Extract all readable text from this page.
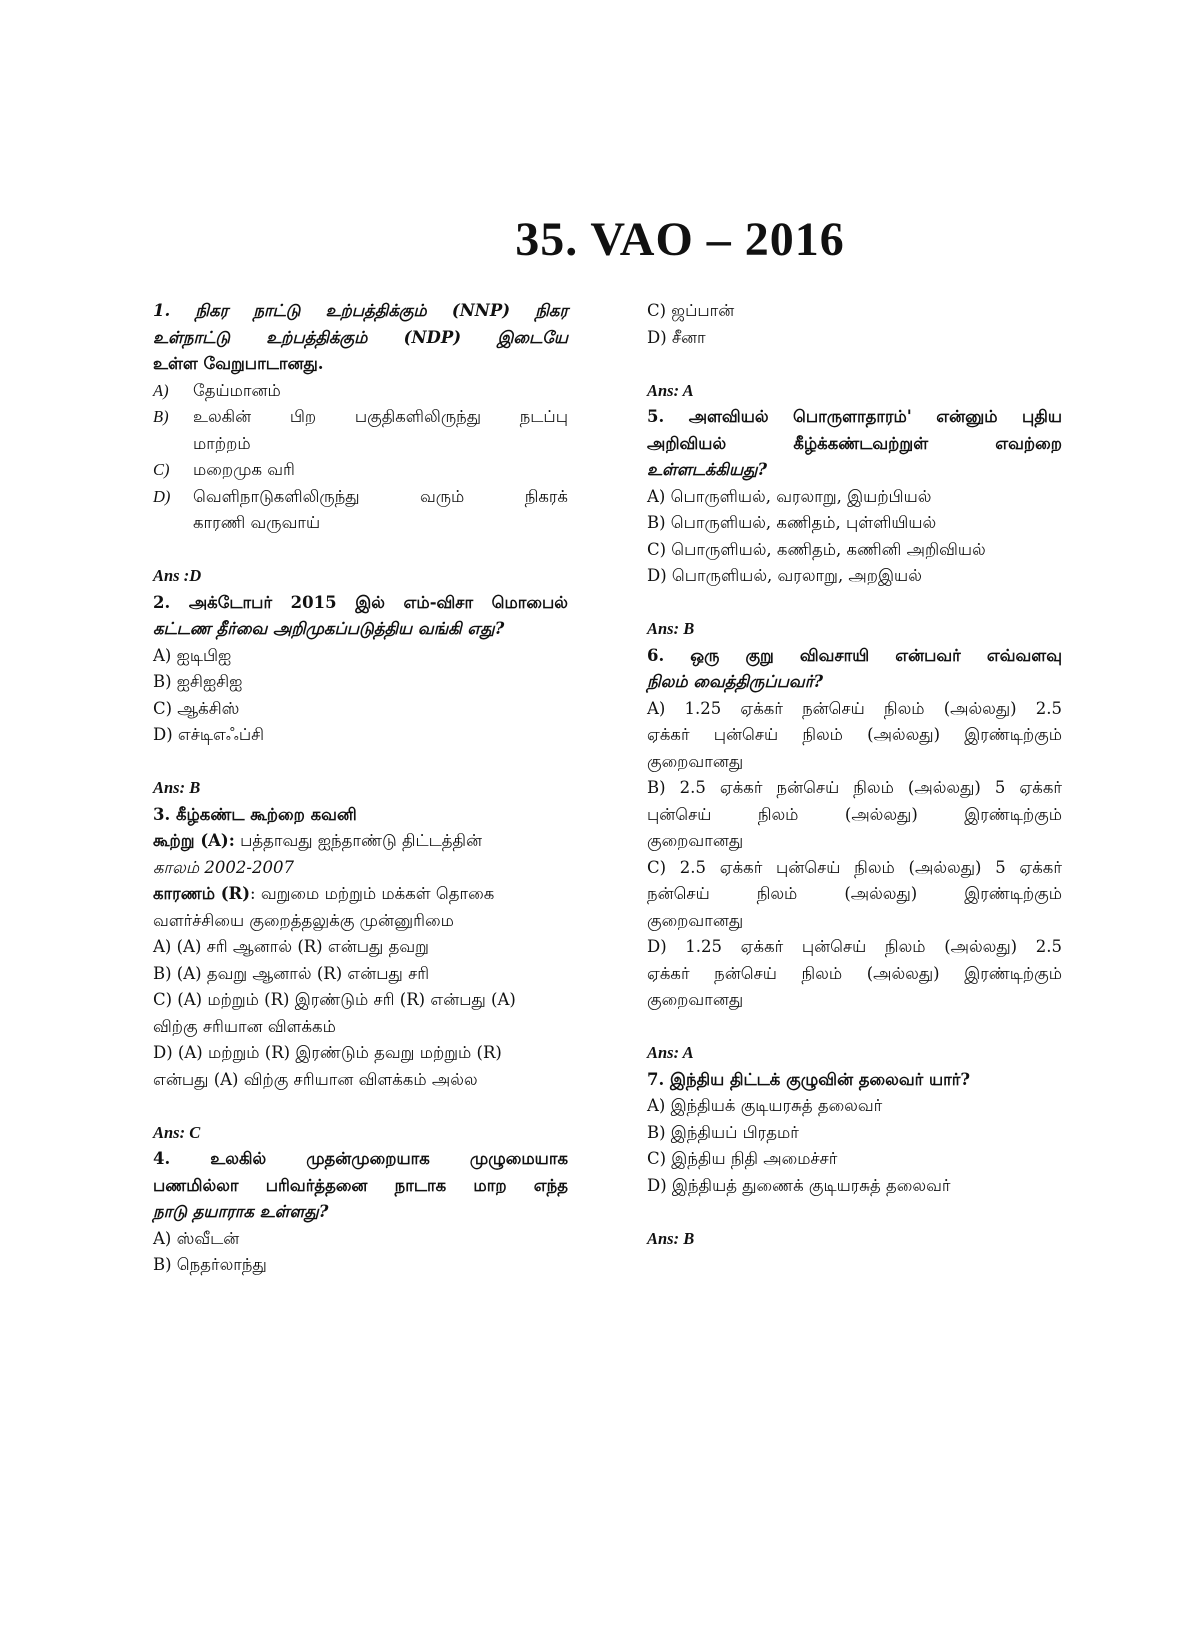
35. VAO – 2016
1. நிகர நாட்டு உற்பத்திக்கும் (NNP) நிகர
உள்நாட்டு உற்பத்திக்கும் (NDP) இடையே
உள்ள வேறுபாடானது.
A)	தேய்மானம்
B)	உலகின் பிற பகுதிகளிலிருந்து நடப்பு
மாற்றம்
C)	மறைமுக வரி
D)	வெளிநாடுகளிலிருந்து வரும் நிகரக்
காரணி வருவாய்
Ans :D
2. அக்டோபர் 2015 இல் எம்-விசா மொபைல்
கட்டண தீர்வை அறிமுகப்படுத்திய வங்கி எது?
A) ஐடிபிஐ
B) ஐசிஐசிஐ
C) ஆக்சிஸ்
D) எச்டிஎஃப்சி
Ans: B
3. கீழ்கண்ட கூற்றை கவனி
கூற்று (A): பத்தாவது ஐந்தாண்டு திட்டத்தின்
காலம் 2002-2007
காரணம் (R): வறுமை மற்றும் மக்கள் தொகை
வளர்ச்சியை குறைத்தலுக்கு முன்னுரிமை
A) (A) சரி ஆனால் (R) என்பது தவறு
B) (A) தவறு ஆனால் (R) என்பது சரி
C) (A) மற்றும் (R) இரண்டும் சரி (R) என்பது (A)
விற்கு சரியான விளக்கம்
D) (A) மற்றும் (R) இரண்டும் தவறு மற்றும் (R)
என்பது (A) விற்கு சரியான விளக்கம் அல்ல
Ans: C
4. உலகில் முதன்முறையாக முழுமையாக
பணமில்லா பரிவர்த்தனை நாடாக மாற எந்த
நாடு தயாராக உள்ளது?
A) ஸ்வீடன்
B) நெதர்லாந்து
C) ஜப்பான்
D) சீனா
Ans: A
5. அளவியல் பொருளாதாரம்' என்னும் புதிய
அறிவியல் கீழ்க்கண்டவற்றுள் எவற்றை
உள்ளடக்கியது?
A) பொருளியல், வரலாறு, இயற்பியல்
B) பொருளியல், கணிதம், புள்ளியியல்
C) பொருளியல், கணிதம், கணினி அறிவியல்
D) பொருளியல், வரலாறு, அறஇயல்
Ans: B
6. ஒரு குறு விவசாயி என்பவர் எவ்வளவு
நிலம் வைத்திருப்பவர்?
A) 1.25 ஏக்கர் நன்செய் நிலம் (அல்லது) 2.5
ஏக்கர் புன்செய் நிலம் (அல்லது) இரண்டிற்கும்
குறைவானது
B) 2.5 ஏக்கர் நன்செய் நிலம் (அல்லது) 5 ஏக்கர்
புன்செய் நிலம் (அல்லது) இரண்டிற்கும்
குறைவானது
C) 2.5 ஏக்கர் புன்செய் நிலம் (அல்லது) 5 ஏக்கர்
நன்செய் நிலம் (அல்லது) இரண்டிற்கும்
குறைவானது
D) 1.25 ஏக்கர் புன்செய் நிலம் (அல்லது) 2.5
ஏக்கர் நன்செய் நிலம் (அல்லது) இரண்டிற்கும்
குறைவானது
Ans: A
7. இந்திய திட்டக் குழுவின் தலைவர் யார்?
A) இந்தியக் குடியரசுத் தலைவர்
B) இந்தியப் பிரதமர்
C) இந்திய நிதி அமைச்சர்
D) இந்தியத் துணைக் குடியரசுத் தலைவர்
Ans: B
